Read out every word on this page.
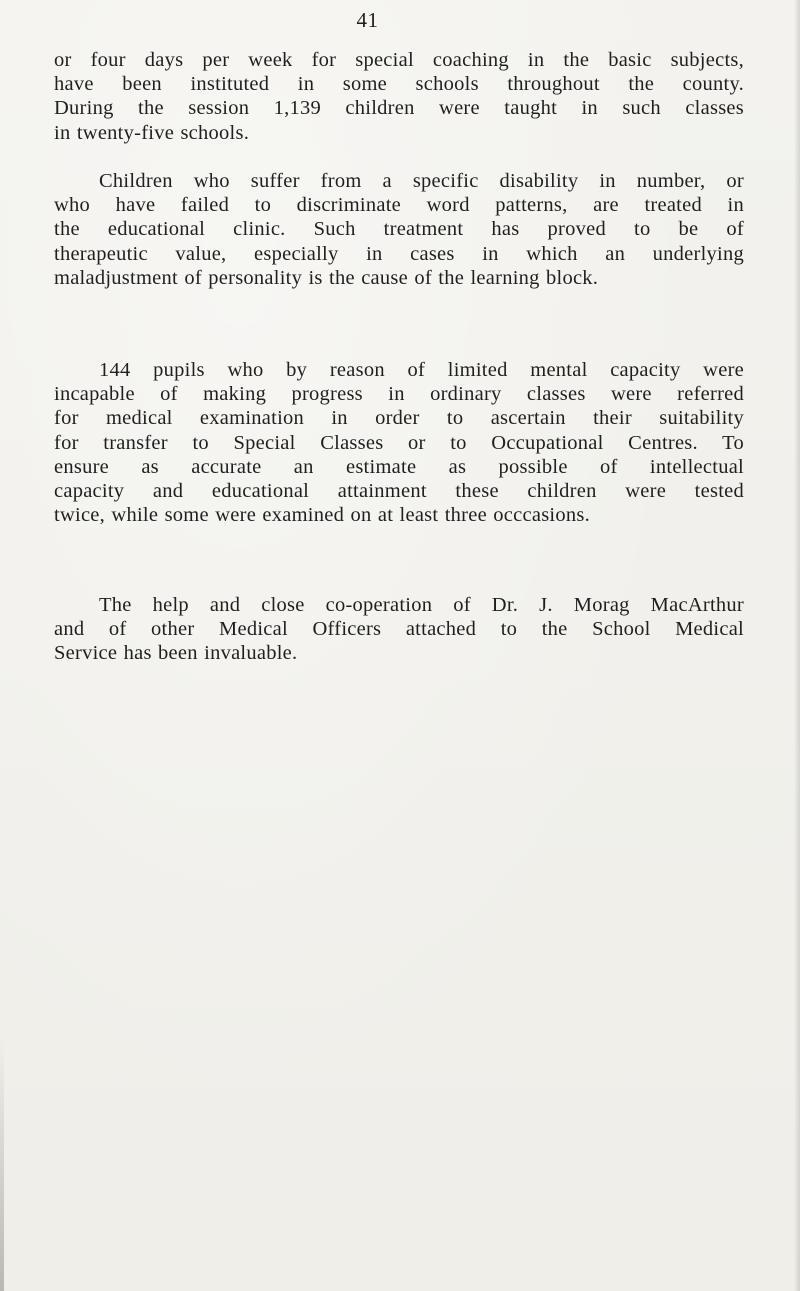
41

or four days per week for special coaching in the basic subjects,
have been instituted in some schools throughout the county.
During the session 1,139 children were taught in such classes
in twenty-five schools.

Children who suffer from a specific disability in number, or
who have failed to discriminate word patterns, are treated in
the educational clinic. Such treatment has proved to be of
therapeutic value, especially in cases in which an underlying
maladjustment of personality is the cause of the learning block.

144 pupils who by reason of limited mental capacity were
incapable of making progress in ordinary classes were referred
for medical examination in order to ascertain their suitability
for transfer to Special Classes or to Occupational Centres. To
ensure as accurate an estimate as possible of intellectual
capacity and educational attainment these children were tested
twice, while some were examined on at least three occcasions.

The help and close co-operation of Dr. J. Morag MacArthur
and of other Medical Officers attached to the School Medical
Service has been invaluable.
